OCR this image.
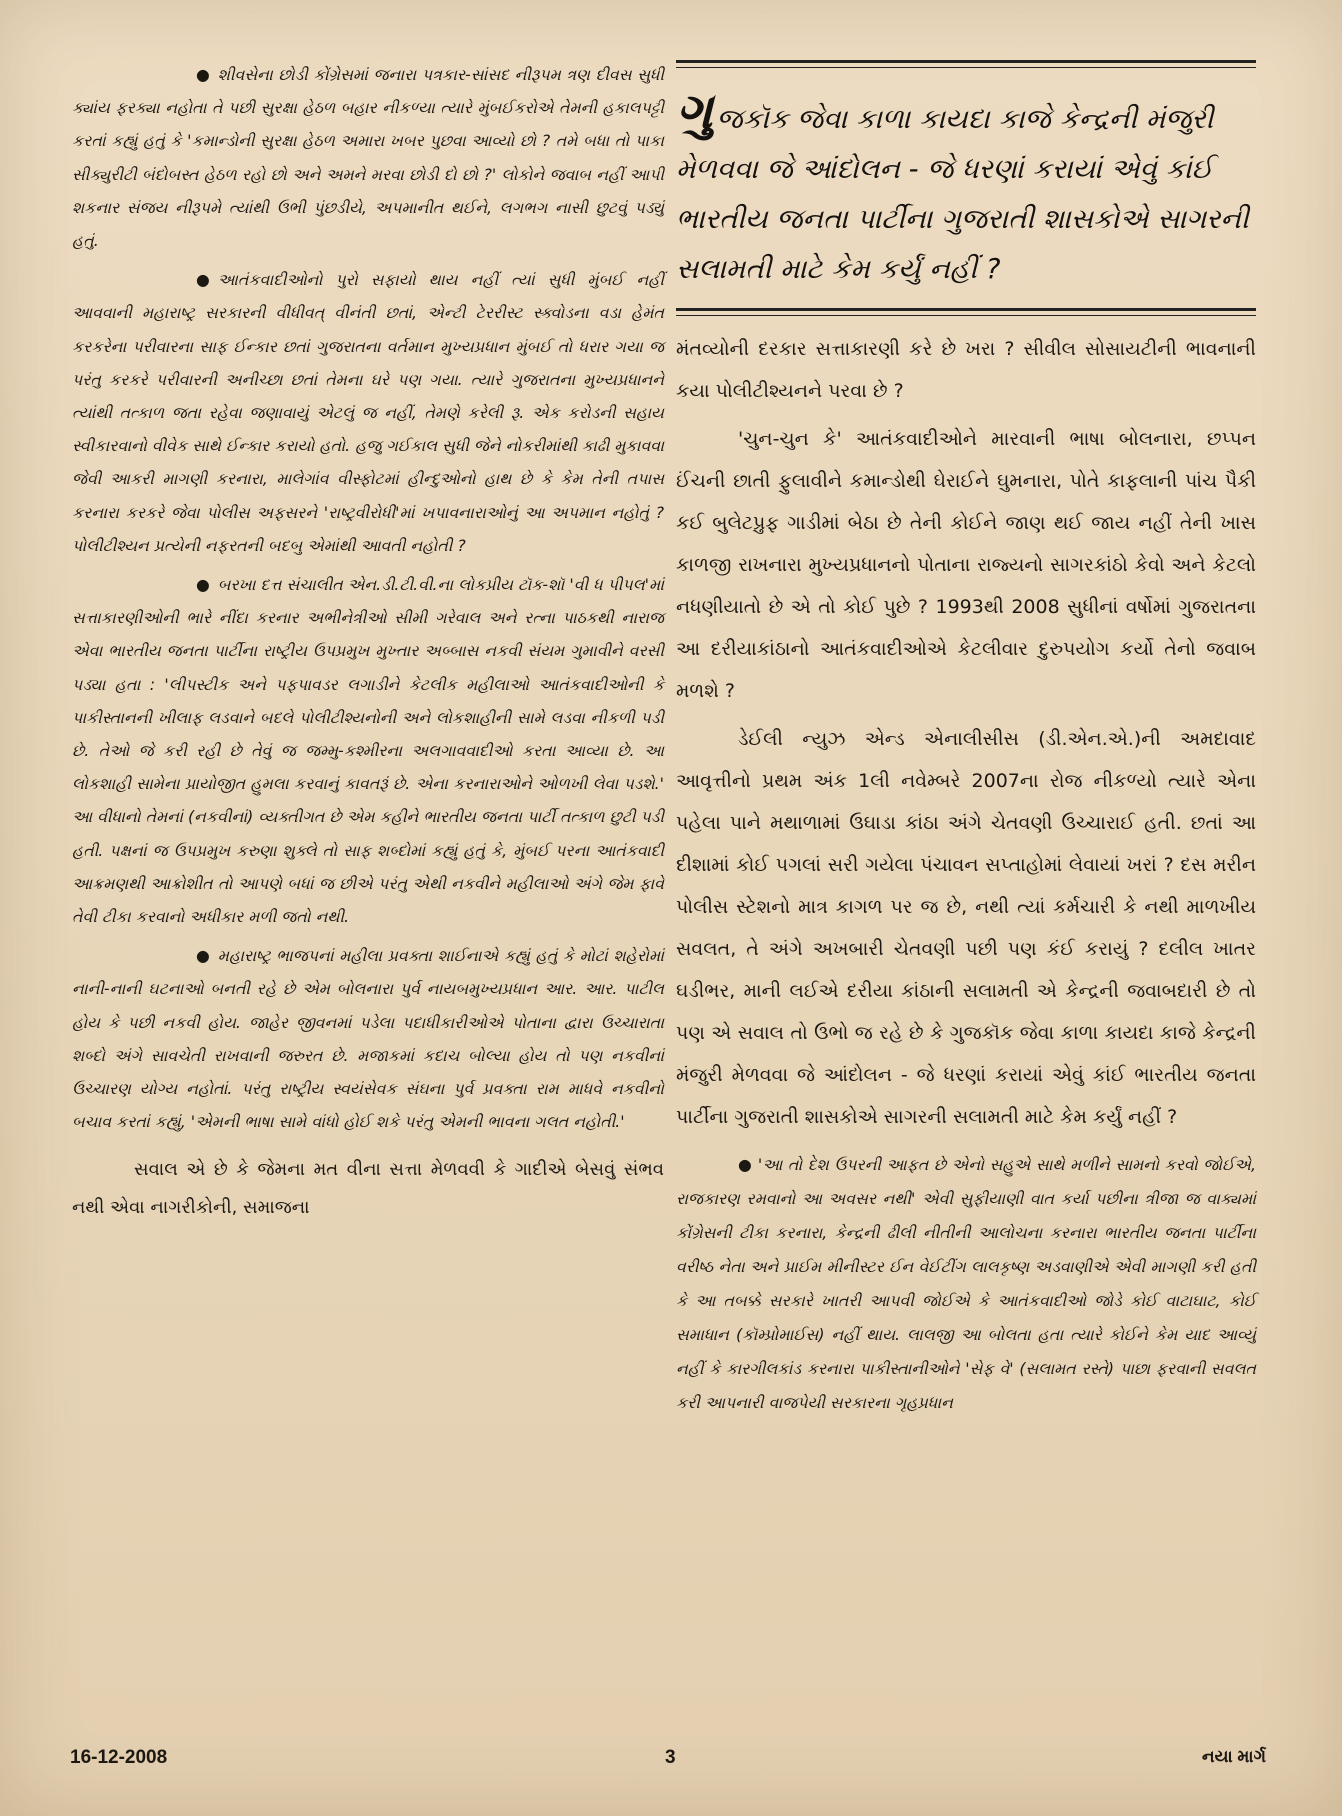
● શીવસેના છોડી કોંગ્રેસમાં જનારા પત્રકાર-સાંસદ નીરૂપમ ત્રણ દીવસ સુધી ક્યાંય ફરક્યા નહોતા તે પછી સુરક્ષા હેઠળ બહાર નીકળ્યા ત્યારે મુંબઈકરોએ તેમની હકાલપટ્ટી કરતાં કહ્યું હતું કે 'કમાન્ડોની સુરક્ષા હેઠળ અમારા ખબર પુછવા આવ્યો છો ? તમે બધા તો પાકા સીક્યુરીટી બંદોબસ્ત હેઠળ રહો છો અને અમને મરવા છોડી દો છો ?' લોકોને જવાબ નહીં આપી શકનાર સંજય નીરૂપમે ત્યાંથી ઉભી પુંછડીયે, અપમાનીત થઈને, લગભગ નાસી છુટવું પડ્યું હતું.

● આતંકવાદીઓનો પુરો સફાયો થાય નહીં ત્યાં સુધી મુંબઈ નહીં આવવાની મહારાષ્ટ્ર સરકારની વીધીવત્ વીનંતી છતાં, એન્ટી ટેરરીસ્ટ સ્ક્વોડના વડા હેમંત કરકરેના પરીવારના સાફ ઈન્કાર છતાં ગુજરાતના વર્તમાન મુખ્યપ્રધાન મુંબઈ તો ધરાર ગયા જ પરંતુ કરકરે પરીવારની અનીચ્છા છતાં તેમના ઘરે પણ ગયા. ત્યારે ગુજરાતના મુખ્યપ્રધાનને ત્યાંથી તત્કાળ જતા રહેવા જણાવાયું એટલું જ નહીં, તેમણે કરેલી રૂ. એક કરોડની સહાય સ્વીકારવાનો વીવેક સાથે ઈન્કાર કરાયો હતો. હજુ ગઈકાલ સુધી જેને નોકરીમાંથી કાઢી મુકાવવા જેવી આકરી માગણી કરનારા, માલેગાંવ વીસ્ફોટમાં હીન્દુઓનો હાથ છે કે કેમ તેની તપાસ કરનારા કરકરે જેવા પોલીસ અફસરને 'રાષ્ટ્રવીરોધી'માં ખપાવનારાઓનું આ અપમાન નહોતું ? પોલીટીશ્યન પ્રત્યેની નફરતની બદબુ એમાંથી આવતી નહોતી ?

● બરખા દત્ત સંચાલીત એન.ડી.ટી.વી.ના લોકપ્રીય ટૉક-શૉ 'વી ધ પીપલ'માં સત્તાકારણીઓની ભારે નીંદા કરનાર અભીનેત્રીઓ સીમી ગરેવાલ અને રત્ના પાઠકથી નારાજ એવા ભારતીય જનતા પાર્ટીના રાષ્ટ્રીય ઉપપ્રમુખ મુખ્તાર અબ્બાસ નકવી સંયમ ગુમાવીને વરસી પડ્યા હતા : 'લીપસ્ટીક અને પફપાવડર લગાડીને કેટલીક મહીલાઓ આતંકવાદીઓની કે પાકીસ્તાનની ખીલાફ લડવાને બદલે પોલીટીશ્યનોની અને લોકશાહીની સામે લડવા નીકળી પડી છે. તેઓ જે કરી રહી છે તેવું જ જમ્મુ-કશ્મીરના અલગાવવાદીઓ કરતા આવ્યા છે. આ લોકશાહી સામેના પ્રાયોજીત હુમલા કરવાનું કાવતરૂં છે. એના કરનારાઓને ઓળખી લેવા પડશે.' આ વીધાનો તેમનાં (નકવીનાં) વ્યક્તીગત છે એમ કહીને ભારતીય જનતા પાર્ટી તત્કાળ છુટી પડી હતી. પક્ષનાં જ ઉપપ્રમુખ કરુણા શુક્લે તો સાફ શબ્દોમાં કહ્યું હતું કે, મુંબઈ પરના આતંકવાદી આક્રમણથી આક્રોશીત તો આપણે બધાં જ છીએ પરંતુ એથી નકવીને મહીલાઓ અંગે જેમ ફાવે તેવી ટીકા કરવાનો અધીકાર મળી જતો નથી.

● મહારાષ્ટ્ર ભાજપનાં મહીલા પ્રવક્તા શાઈનાએ કહ્યું હતું કે મોટાં શહેરોમાં નાની-નાની ઘટનાઓ બનતી રહે છે એમ બોલનારા પુર્વ નાયબમુખ્યપ્રધાન આર. આર. પાટીલ હોય કે પછી નકવી હોય. જાહેર જીવનમાં પડેલા પદાધીકારીઓએ પોતાના દ્વારા ઉચ્ચારાતા શબ્દો અંગે સાવચેતી રાખવાની જરુરત છે. મજાકમાં કદાચ બોલ્યા હોય તો પણ નકવીનાં ઉચ્ચારણ યોગ્ય નહોતાં. પરંતુ રાષ્ટ્રીય સ્વયંસેવક સંઘના પુર્વ પ્રવક્તા રામ માધવે નકવીનો બચાવ કરતાં કહ્યું, 'એમની ભાષા સામે વાંધો હોઈ શકે પરંતુ એમની ભાવના ગલત નહોતી.'

સવાલ એ છે કે જેમના મત વીના સત્તા મેળવવી કે ગાદીએ બેસવું સંભવ નથી એવા નાગરીકોની, સમાજના

ગુજકૉક જેવા કાળા કાયદા કાજે કેન્દ્રની મંજુરી મેળવવા જે આંદોલન - જે ધરણાં કરાયાં એવું કાંઈ ભારતીય જનતા પાર્ટીના ગુજરાતી શાસકોએ સાગરની સલામતી માટે કેમ કર્યું નહીં ?

મંતવ્યોની દરકાર સત્તાકારણી કરે છે ખરા ? સીવીલ સોસાયટીની ભાવનાની કયા પોલીટીશ્યનને પરવા છે ?

'ચુન-ચુન કે' આતંકવાદીઓને મારવાની ભાષા બોલનારા, છપ્પન ઈંચની છાતી ફુલાવીને કમાન્ડોથી ઘેરાઈને ઘુમનારા, પોતે કાફલાની પાંચ પૈકી કઈ બુલેટપ્રુફ ગાડીમાં બેઠા છે તેની કોઈને જાણ થઈ જાય નહીં તેની ખાસ કાળજી રાખનારા મુખ્યપ્રધાનનો પોતાના રાજ્યનો સાગરકાંઠો કેવો અને કેટલો નધણીયાતો છે એ તો કોઈ પુછે ? 1993થી 2008 સુધીનાં વર્ષોમાં ગુજરાતના આ દરીયાકાંઠાનો આતંકવાદીઓએ કેટલીવાર દુરુપયોગ કર્યો તેનો જવાબ મળશે ?

ડેઈલી ન્યુઝ એન્ડ એનાલીસીસ (ડી.એન.એ.)ની અમદાવાદ આવૃત્તીનો પ્રથમ અંક 1લી નવેમ્બરે 2007ના રોજ નીકળ્યો ત્યારે એના પહેલા પાને મથાળામાં ઉઘાડા કાંઠા અંગે ચેતવણી ઉચ્ચારાઈ હતી. છતાં આ દીશામાં કોઈ પગલાં સરી ગયેલા પંચાવન સપ્તાહોમાં લેવાયાં ખરાં ? દસ મરીન પોલીસ સ્ટેશનો માત્ર કાગળ પર જ છે, નથી ત્યાં કર્મચારી કે નથી માળખીય સવલત, તે અંગે અખબારી ચેતવણી પછી પણ કંઈ કરાયું ? દલીલ ખાતર ઘડીભર, માની લઈએ દરીયા કાંઠાની સલામતી એ કેન્દ્રની જવાબદારી છે તો પણ એ સવાલ તો ઉભો જ રહે છે કે ગુજકૉક જેવા કાળા કાયદા કાજે કેન્દ્રની મંજુરી મેળવવા જે આંદોલન - જે ધરણાં કરાયાં એવું કાંઈ ભારતીય જનતા પાર્ટીના ગુજરાતી શાસકોએ સાગરની સલામતી માટે કેમ કર્યું નહીં ?

● 'આ તો દેશ ઉપરની આફત છે એનો સહુએ સાથે મળીને સામનો કરવો જોઈએ, રાજકારણ રમવાનો આ અવસર નથી' એવી સુફીયાણી વાત કર્યા પછીના ત્રીજા જ વાક્યમાં કોંગ્રેસની ટીકા કરનારા, કેન્દ્રની ઢીલી નીતીની આલોચના કરનારા ભારતીય જનતા પાર્ટીના વરીષ્ઠ નેતા અને પ્રાઈમ મીનીસ્ટર ઈન વેઈટીંગ લાલકૃષ્ણ અડવાણીએ એવી માગણી કરી હતી કે આ તબક્કે સરકારે ખાતરી આપવી જોઈએ કે આતંકવાદીઓ જોડે કોઈ વાટાઘાટ, કોઈ સમાધાન (કૉમ્પ્રોમાઈસ) નહીં થાય. લાલજી આ બોલતા હતા ત્યારે કોઈને કેમ યાદ આવ્યું નહીં કે કારગીલકાંડ કરનારા પાકીસ્તાનીઓને 'સેફ વે' (સલામત રસ્તે) પાછા ફરવાની સવલત કરી આપનારી વાજપેયી સરકારના ગૃહપ્રધાન

16-12-2008	3	નયા માર્ગ
